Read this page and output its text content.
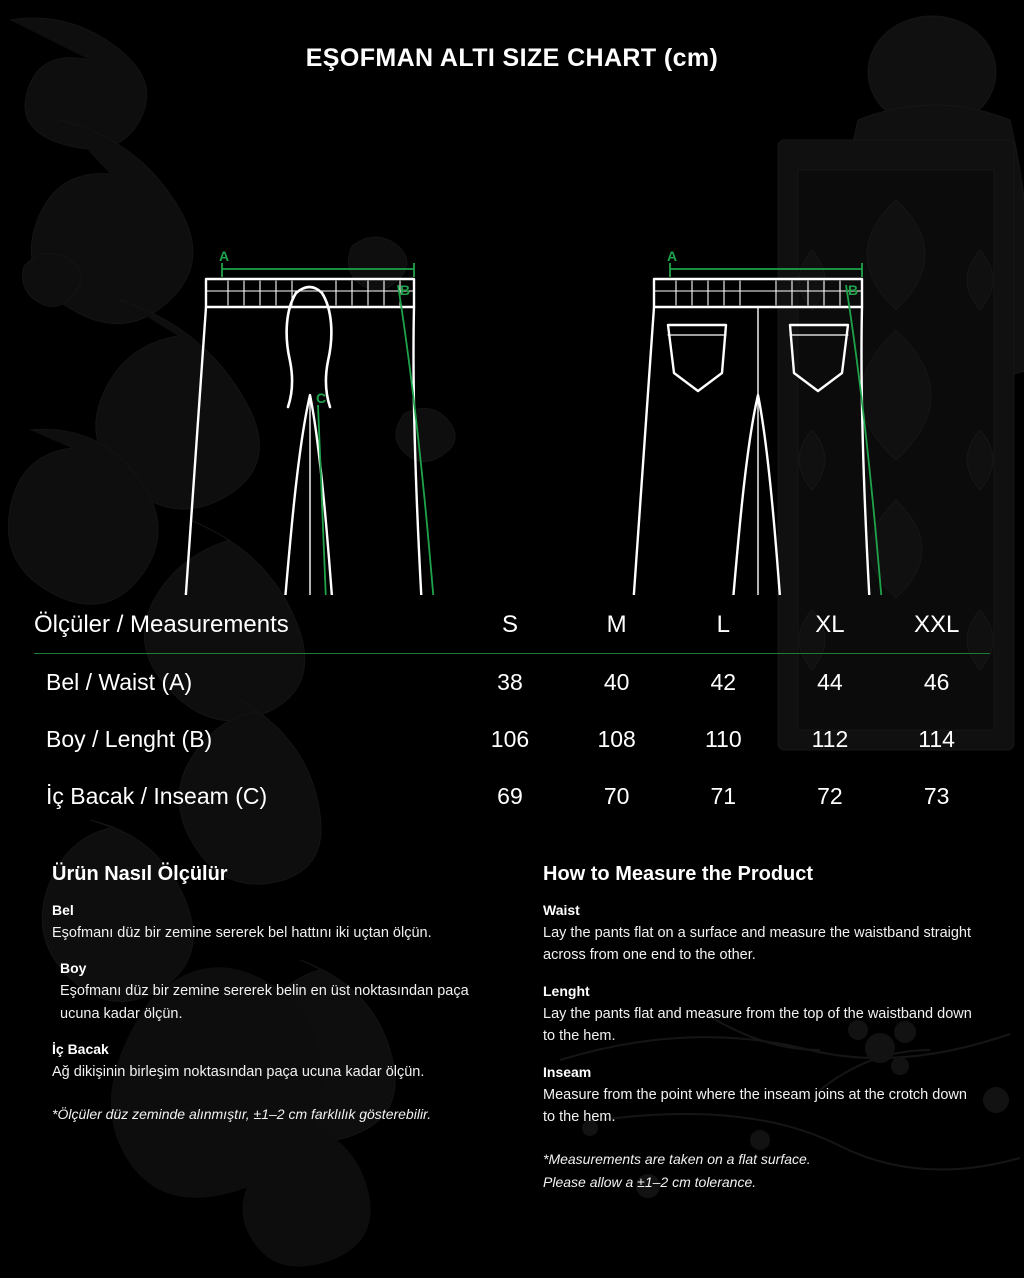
EŞOFMAN ALTI SIZE CHART (cm)
A
B
C
A
B
Ölçüler / Measurements	S	M	L	XL	XXL
Bel / Waist (A)	38	40	42	44	46
Boy / Lenght (B)	106	108	110	112	114
İç Bacak / Inseam (C)	69	70	71	72	73
Ürün Nasıl Ölçülür
Bel

Eşofmanı düz bir zemine sererek bel hattını iki uçtan ölçün.

Boy

Eşofmanı düz bir zemine sererek belin en üst noktasından paça ucuna kadar ölçün.

İç Bacak

Ağ dikişinin birleşim noktasından paça ucuna kadar ölçün.

*Ölçüler düz zeminde alınmıştır, ±1–2 cm farklılık gösterebilir.

How to Measure the Product
Waist

Lay the pants flat on a surface and measure the waistband straight across from one end to the other.

Lenght

Lay the pants flat and measure from the top of the waistband down to the hem.

Inseam

Measure from the point where the inseam joins at the crotch down to the hem.

*Measurements are taken on a flat surface.

Please allow a ±1–2 cm tolerance.
